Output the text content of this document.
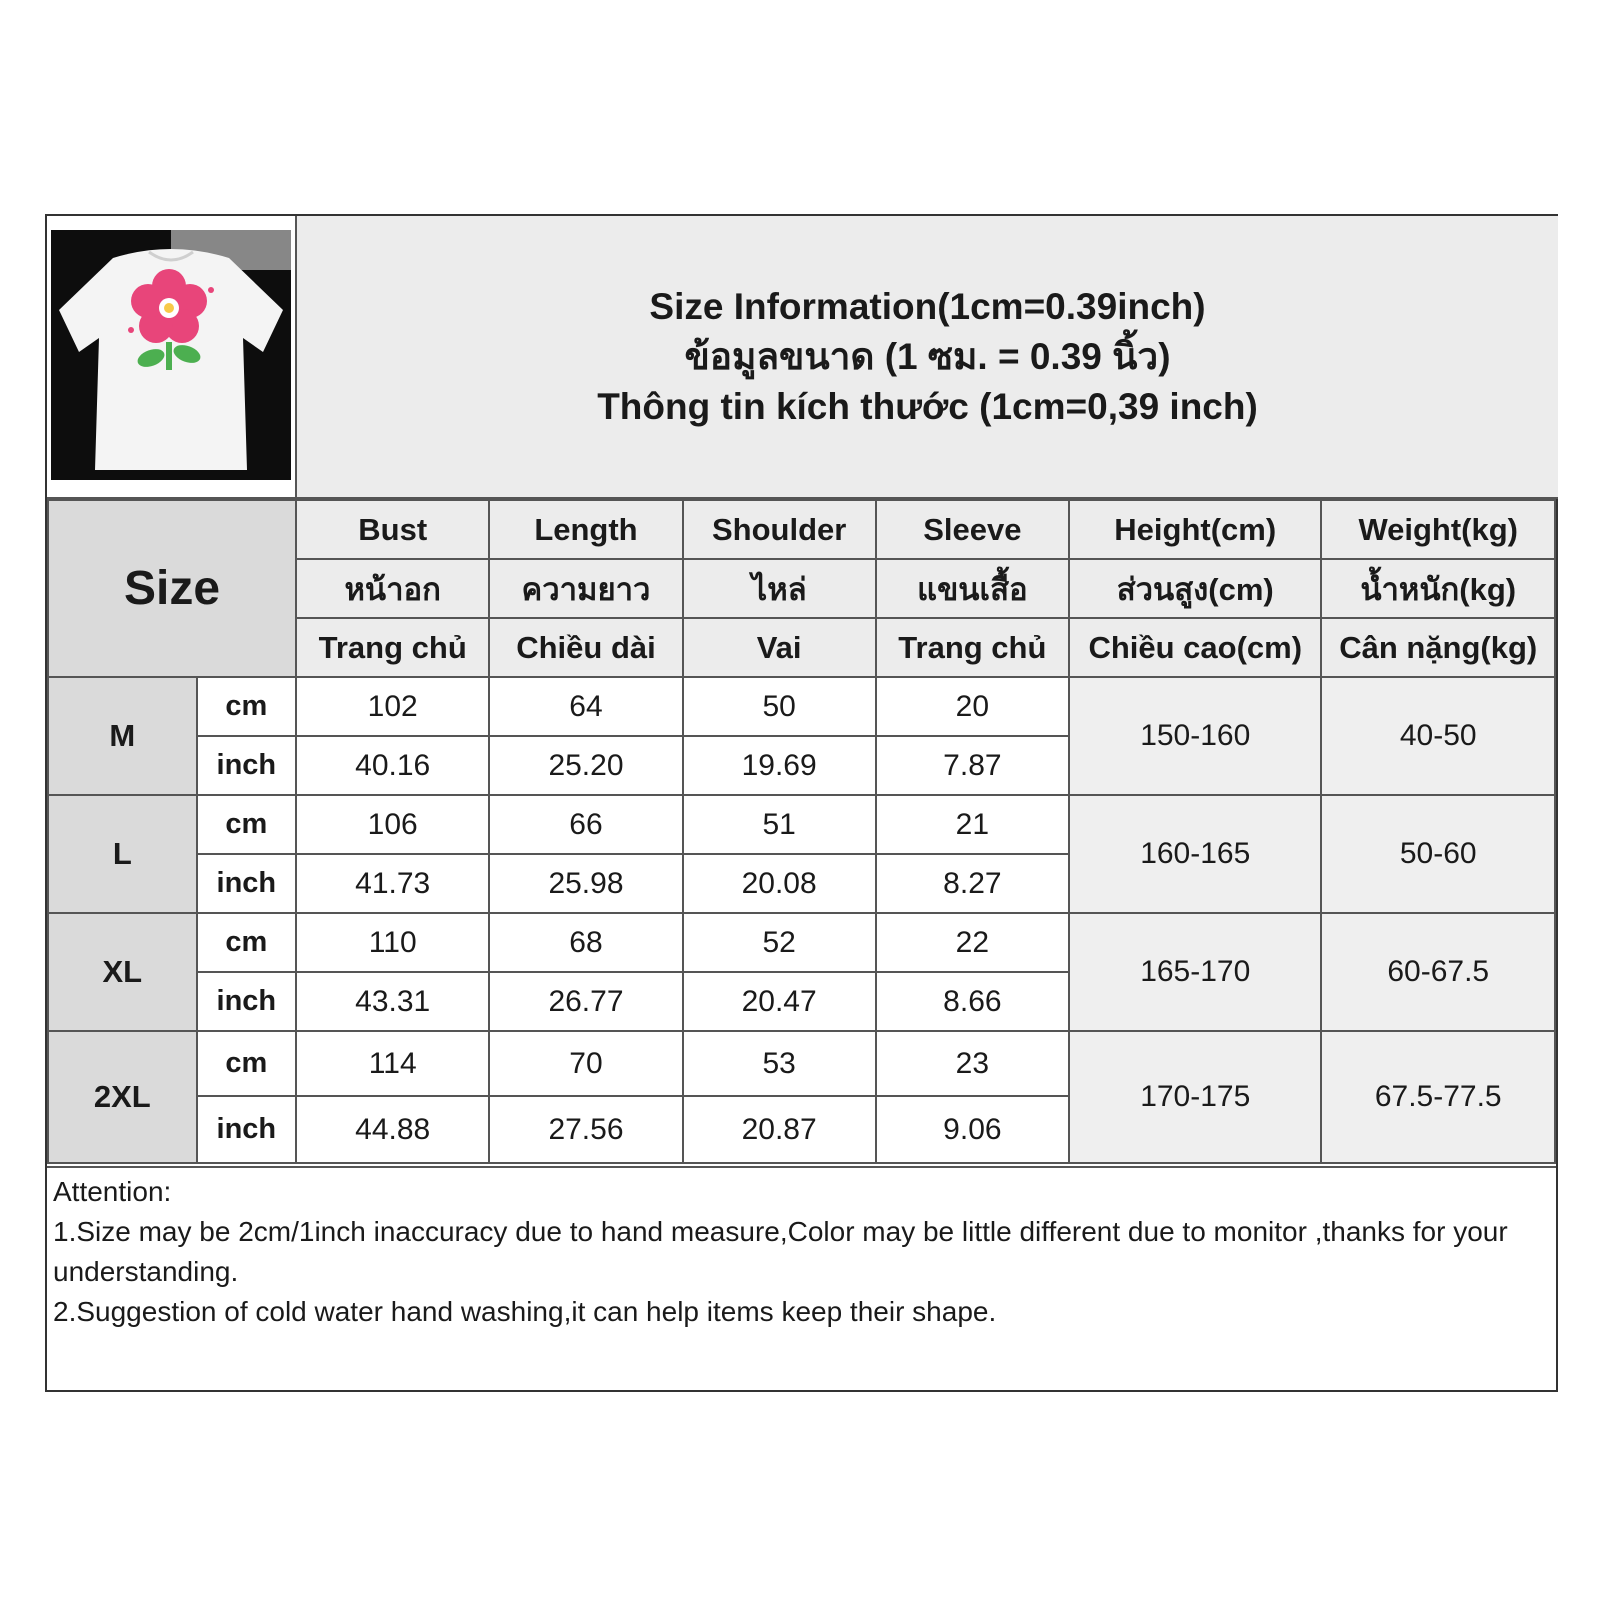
Size Information(1cm=0.39inch)
ข้อมูลขนาด (1 ซม. = 0.39 นิ้ว)
Thông tin kích thước (1cm=0,39 inch)
Size		Bust	Length	Shoulder	Sleeve	Height(cm)	Weight(kg)
		หน้าอก	ความยาว	ไหล่	แขนเสื้อ	ส่วนสูง(cm)	น้ำหนัก(kg)
		Trang chủ	Chiều dài	Vai	Trang chủ	Chiều cao(cm)	Cân nặng(kg)
M	cm	102	64	50	20	150-160	40-50
	inch	40.16	25.20	19.69	7.87		
L	cm	106	66	51	21	160-165	50-60
	inch	41.73	25.98	20.08	8.27		
XL	cm	110	68	52	22	165-170	60-67.5
	inch	43.31	26.77	20.47	8.66		
2XL	cm	114	70	53	23	170-175	67.5-77.5
	inch	44.88	27.56	20.87	9.06		
Attention:
1.Size may be 2cm/1inch inaccuracy due to hand measure,Color may be little different due to monitor ,thanks for your understanding.
2.Suggestion of cold water hand washing,it can help items keep their shape.
